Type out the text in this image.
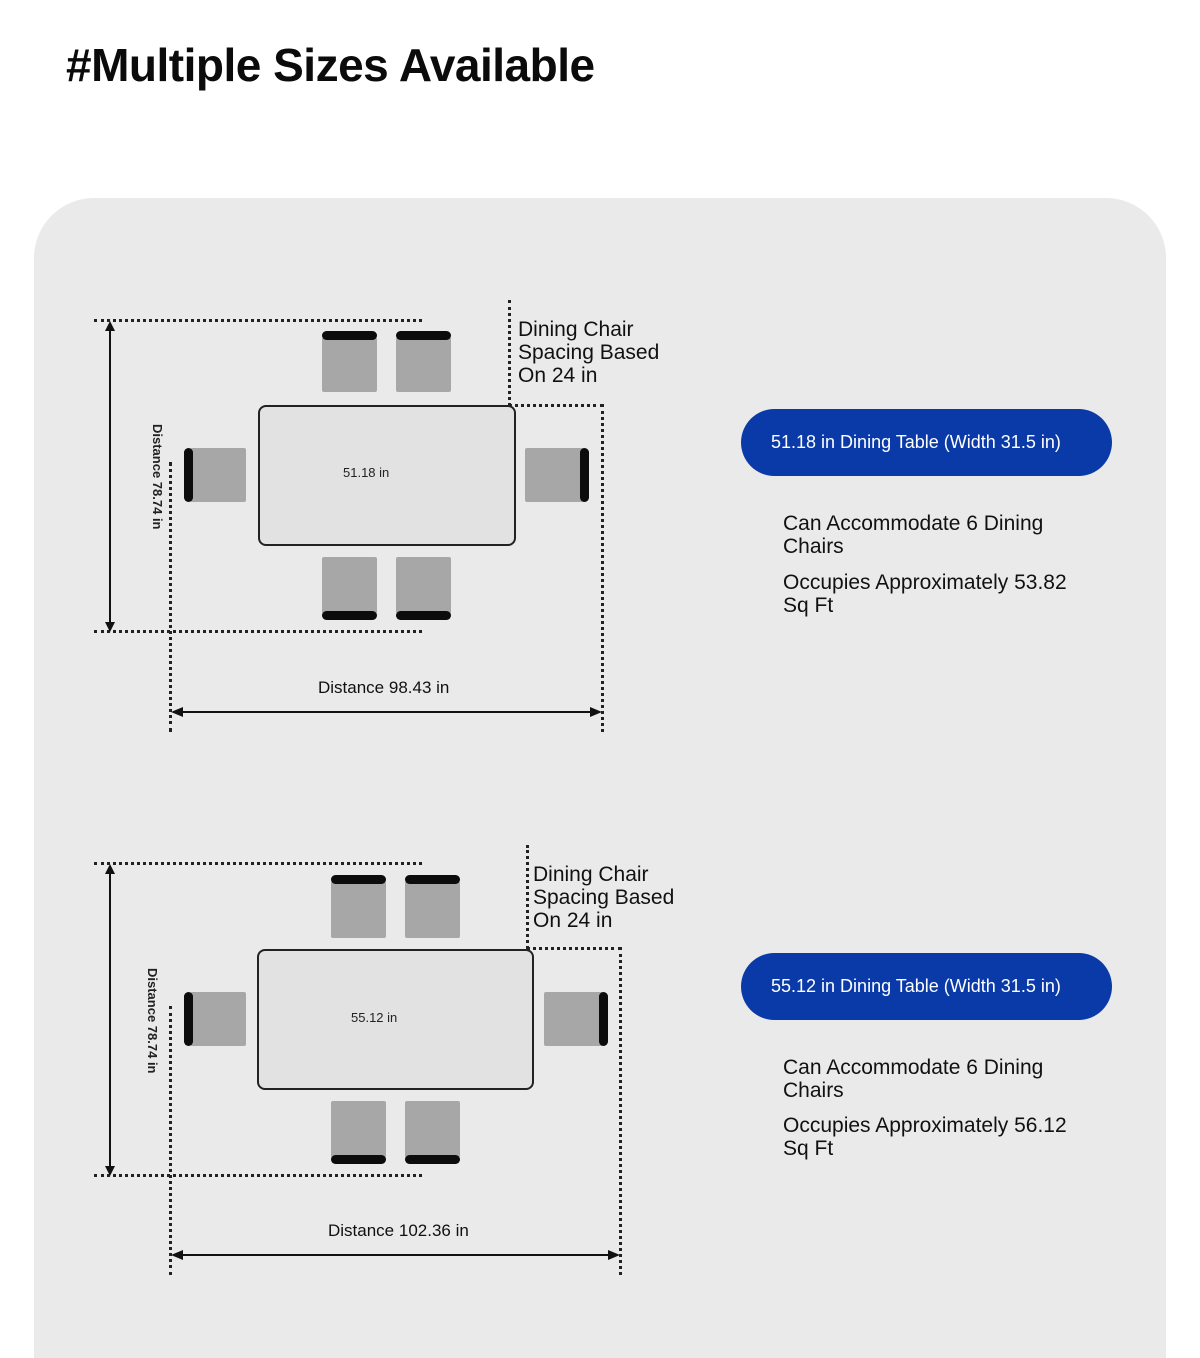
#Multiple Sizes Available
Distance 78.74 in
Distance 98.43 in
51.18 in
Dining Chair Spacing Based On 24 in
51.18 in Dining Table (Width 31.5 in)
Can Accommodate 6 Dining Chairs
Occupies Approximately 53.82 Sq Ft
Distance 78.74 in
Distance 102.36 in
55.12 in
Dining Chair Spacing Based On 24 in
55.12 in Dining Table (Width 31.5 in)
Can Accommodate 6 Dining Chairs
Occupies Approximately 56.12 Sq Ft
